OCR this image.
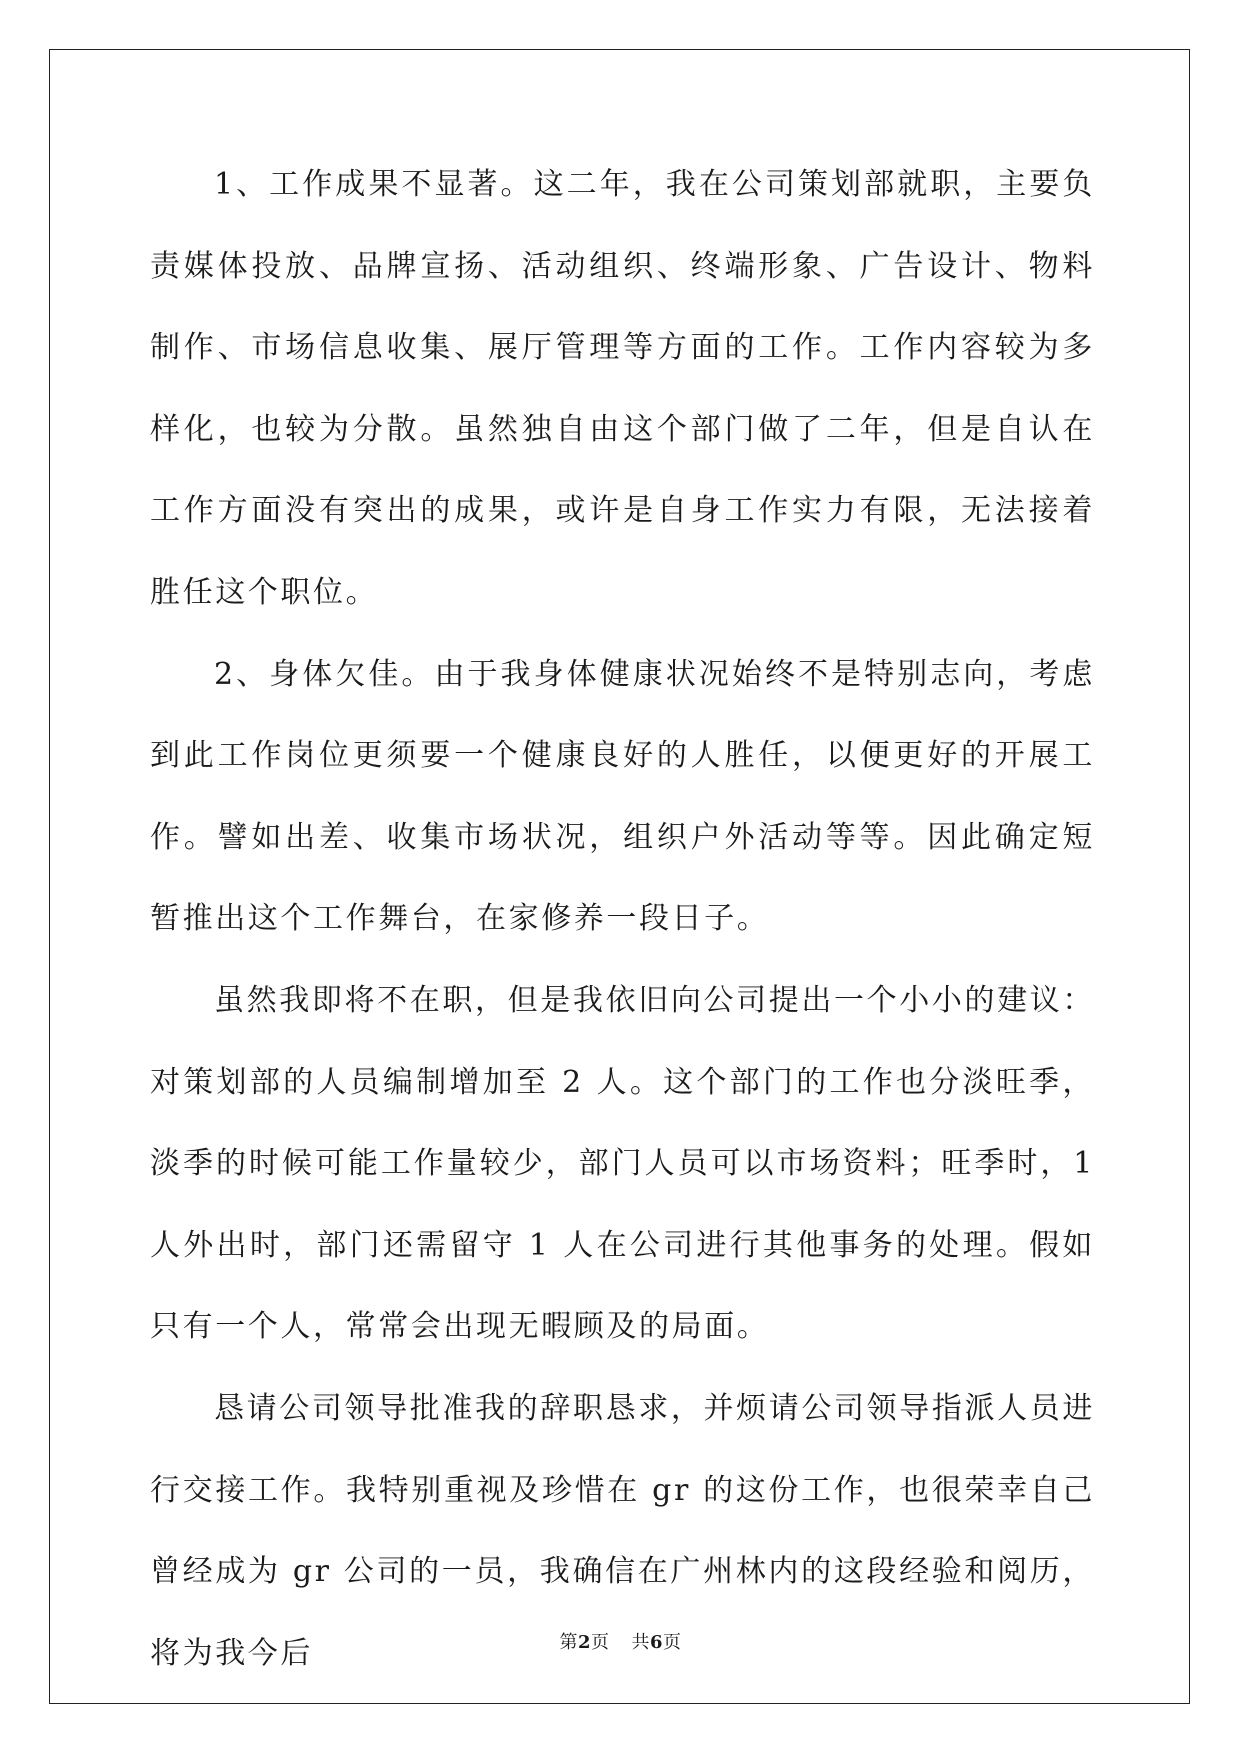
1、工作成果不显著。这二年，我在公司策划部就职，主要负责媒体投放、品牌宣扬、活动组织、终端形象、广告设计、物料制作、市场信息收集、展厅管理等方面的工作。工作内容较为多样化，也较为分散。虽然独自由这个部门做了二年，但是自认在工作方面没有突出的成果，或许是自身工作实力有限，无法接着胜任这个职位。

2、身体欠佳。由于我身体健康状况始终不是特别志向，考虑到此工作岗位更须要一个健康良好的人胜任，以便更好的开展工作。譬如出差、收集市场状况，组织户外活动等等。因此确定短暂推出这个工作舞台，在家修养一段日子。

虽然我即将不在职，但是我依旧向公司提出一个小小的建议：对策划部的人员编制增加至 2 人。这个部门的工作也分淡旺季，淡季的时候可能工作量较少，部门人员可以市场资料；旺季时，1 人外出时，部门还需留守 1 人在公司进行其他事务的处理。假如只有一个人，常常会出现无暇顾及的局面。

恳请公司领导批准我的辞职恳求，并烦请公司领导指派人员进行交接工作。我特别重视及珍惜在 gr 的这份工作，也很荣幸自己曾经成为 gr 公司的一员，我确信在广州林内的这段经验和阅历，将为我今后	第2页 共6页
